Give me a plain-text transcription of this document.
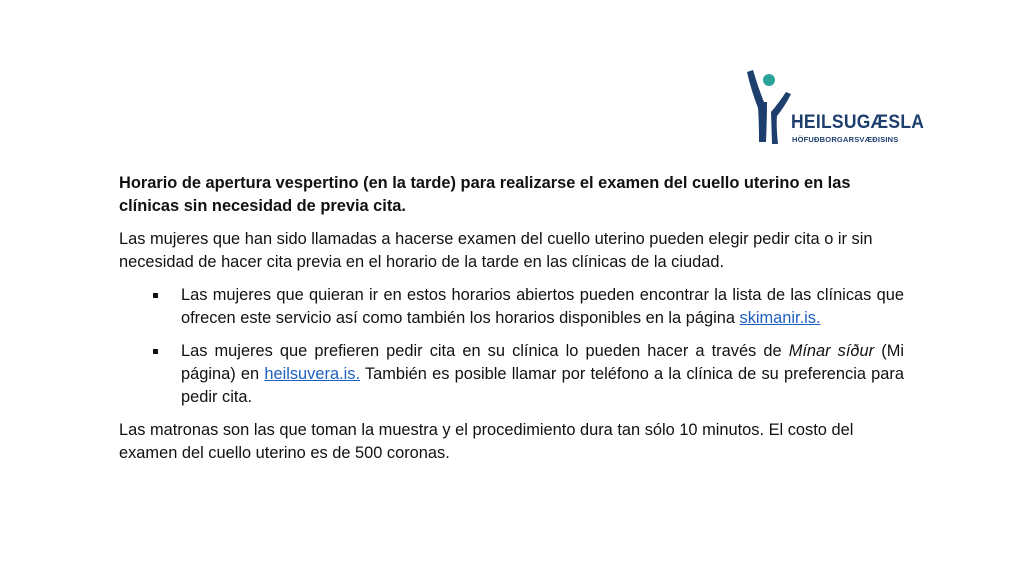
HEILSUGÆSLA
HÖFUÐBORGARSVÆÐISINS
Horario de apertura vespertino (en la tarde) para realizarse el examen del cuello uterino en las clínicas sin necesidad de previa cita.
Las mujeres que han sido llamadas a hacerse examen del cuello uterino pueden elegir pedir cita o ir sin necesidad de hacer cita previa en el horario de la tarde en las clínicas de la ciudad.
Las mujeres que quieran ir en estos horarios abiertos pueden encontrar la lista de las clínicas que ofrecen este servicio así como también los horarios disponibles en la página skimanir.is.
Las mujeres que prefieren pedir cita en su clínica lo pueden hacer a través de Mínar síður (Mi página) en heilsuvera.is. También es posible llamar por teléfono a la clínica de su preferencia para pedir cita.
Las matronas son las que toman la muestra y el procedimiento dura tan sólo 10 minutos. El costo del examen del cuello uterino es de 500 coronas.
